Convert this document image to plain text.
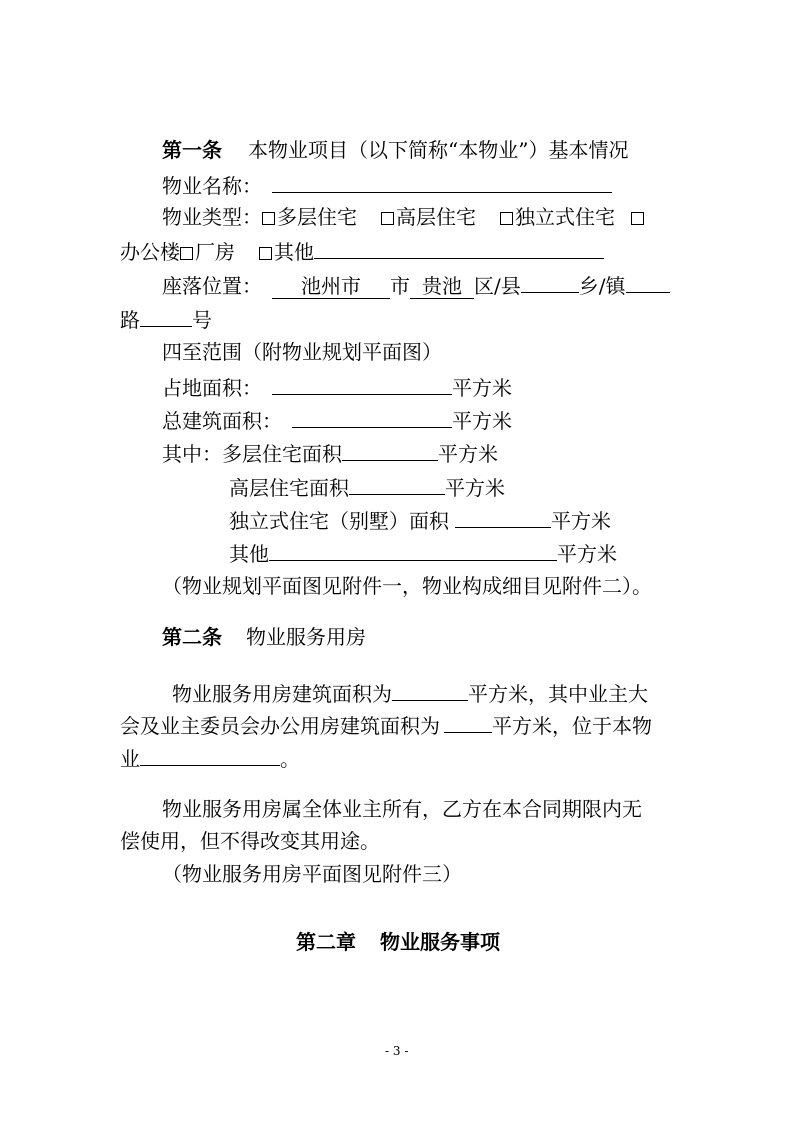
第一条 本物业项目（以下简称“本物业”）基本情况
物业名称：
物业类型： 多层住宅 高层住宅 独立式住宅
办公楼 厂房 其他
座落位置： 池州市 市 贵池 区/县	乡/镇
路	号
四至范围（附物业规划平面图）
占地面积：	平方米
总建筑面积：	平方米
其中：多层住宅面积	平方米
高层住宅面积	平方米
独立式住宅（别墅）面积	平方米
其他	平方米
（物业规划平面图见附件一，物业构成细目见附件二）。
第二条 物业服务用房
物业服务用房建筑面积为	平方米，其中业主大
会及业主委员会办公用房建筑面积为	平方米，位于本物
业	。
物业服务用房属全体业主所有，乙方在本合同期限内无
偿使用，但不得改变其用途。
（物业服务用房平面图见附件三）
第二章 物业服务事项
- 3 -
